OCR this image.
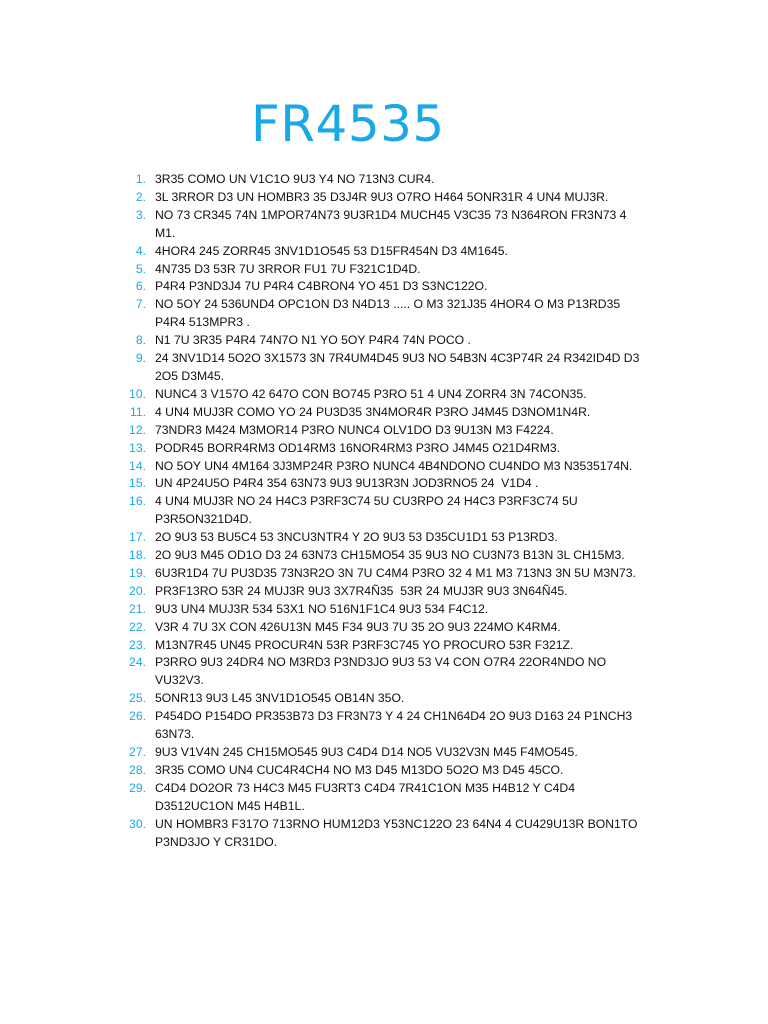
FR4535
1. 3R35 COMO UN V1C1O 9U3 Y4 NO 713N3 CUR4.
2. 3L 3RROR D3 UN HOMBR3 35 D3J4R 9U3 O7RO H464 5ONR31R 4 UN4 MUJ3R.
3. NO 73 CR345 74N 1MPOR74N73 9U3R1D4 MUCH45 V3C35 73 N364RON FR3N73 4
M1.
4. 4HOR4 245 ZORR45 3NV1D1O545 53 D15FR454N D3 4M1645.
5. 4N735 D3 53R 7U 3RROR FU1 7U F321C1D4D.
6. P4R4 P3ND3J4 7U P4R4 C4BRON4 YO 451 D3 S3NC122O.
7. NO 5OY 24 536UND4 OPC1ON D3 N4D13 ..... O M3 321J35 4HOR4 O M3 P13RD35
P4R4 513MPR3 .
8. N1 7U 3R35 P4R4 74N7O N1 YO 5OY P4R4 74N POCO .
9. 24 3NV1D14 5O2O 3X1573 3N 7R4UM4D45 9U3 NO 54B3N 4C3P74R 24 R342ID4D D3
2O5 D3M45.
10. NUNC4 3 V157O 42 647O CON BO745 P3RO 51 4 UN4 ZORR4 3N 74CON35.
11. 4 UN4 MUJ3R COMO YO 24 PU3D35 3N4MOR4R P3RO J4M45 D3NOM1N4R.
12. 73NDR3 M424 M3MOR14 P3RO NUNC4 OLV1DO D3 9U13N M3 F4224.
13. PODR45 BORR4RM3 OD14RM3 16NOR4RM3 P3RO J4M45 O21D4RM3.
14. NO 5OY UN4 4M164 3J3MP24R P3RO NUNC4 4B4NDONO CU4NDO M3 N3535174N.
15. UN 4P24U5O P4R4 354 63N73 9U3 9U13R3N JOD3RNO5 24  V1D4 .
16. 4 UN4 MUJ3R NO 24 H4C3 P3RF3C74 5U CU3RPO 24 H4C3 P3RF3C74 5U
P3R5ON321D4D.
17. 2O 9U3 53 BU5C4 53 3NCU3NTR4 Y 2O 9U3 53 D35CU1D1 53 P13RD3.
18. 2O 9U3 M45 OD1O D3 24 63N73 CH15MO54 35 9U3 NO CU3N73 B13N 3L CH15M3.
19. 6U3R1D4 7U PU3D35 73N3R2O 3N 7U C4M4 P3RO 32 4 M1 M3 713N3 3N 5U M3N73.
20. PR3F13RO 53R 24 MUJ3R 9U3 3X7R4Ñ35  53R 24 MUJ3R 9U3 3N64Ñ45.
21. 9U3 UN4 MUJ3R 534 53X1 NO 516N1F1C4 9U3 534 F4C12.
22. V3R 4 7U 3X CON 426U13N M45 F34 9U3 7U 35 2O 9U3 224MO K4RM4.
23. M13N7R45 UN45 PROCUR4N 53R P3RF3C745 YO PROCURO 53R F321Z.
24. P3RRO 9U3 24DR4 NO M3RD3 P3ND3JO 9U3 53 V4 CON O7R4 22OR4NDO NO
VU32V3.
25. 5ONR13 9U3 L45 3NV1D1O545 OB14N 35O.
26. P454DO P154DO PR353B73 D3 FR3N73 Y 4 24 CH1N64D4 2O 9U3 D163 24 P1NCH3
63N73.
27. 9U3 V1V4N 245 CH15MO545 9U3 C4D4 D14 NO5 VU32V3N M45 F4MO545.
28. 3R35 COMO UN4 CUC4R4CH4 NO M3 D45 M13DO 5O2O M3 D45 45CO.
29. C4D4 DO2OR 73 H4C3 M45 FU3RT3 C4D4 7R41C1ON M35 H4B12 Y C4D4
D3512UC1ON M45 H4B1L.
30. UN HOMBR3 F317O 713RNO HUM12D3 Y53NC122O 23 64N4 4 CU429U13R BON1TO
P3ND3JO Y CR31DO.
